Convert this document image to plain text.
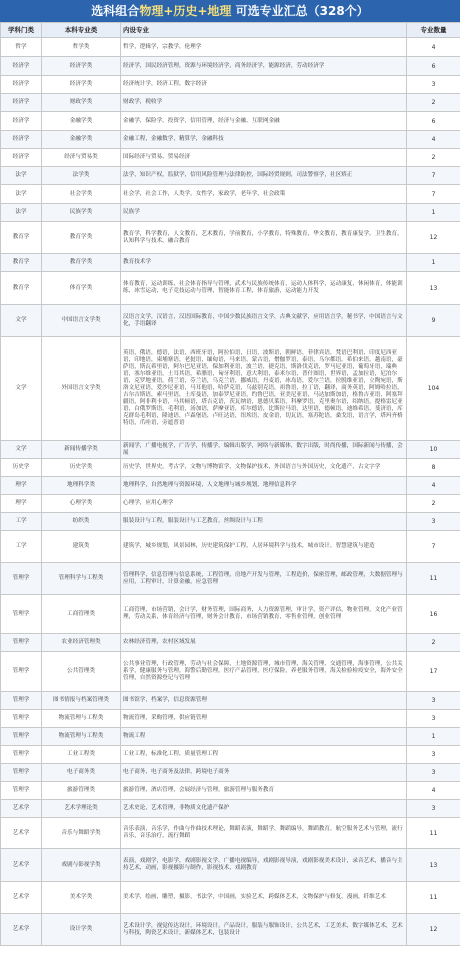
选科组合物理+历史+地理 可选专业汇总（328个）
学科门类	本科专业类	内设专业	专业数量
哲学	哲学类	哲学，逻辑学，宗教学，伦理学	4
经济学	经济学类	经济学，国民经济管理，资源与环境经济学，商务经济学，能源经济，劳动经济学	6
经济学	经济学类	经济统计学，经济工程，数字经济	3
经济学	财政学类	财政学，税收学	2
经济学	金融学类	金融学，保险学，投资学，信用管理，经济与金融，互联网金融	6
经济学	金融学类	金融工程，金融数学，精算学，金融科技	4
经济学	经济与贸易类	国际经济与贸易，贸易经济	2
法学	法学类	法学，知识产权，监狱学，信用风险管理与法律防控，国际经贸规则，司法警察学，社区矫正	7
法学	社会学类	社会学，社会工作，人类学，女性学，家政学，老年学，社会政策	7
法学	民族学类	民族学	1
教育学	教育学类	教育学，科学教育，人文教育，艺术教育，学前教育，小学教育，特殊教育，华文教育，教育康复学，卫生教育，认知科学与技术，融合教育	12
教育学	教育学类	教育技术学	1
教育学	体育学类	体育教育，运动训练，社会体育指导与管理，武术与民族传统体育，运动人体科学，运动康复，休闲体育，体能训练，冰雪运动，电子竞技运动与管理，智能体育工程，体育旅游，运动能力开发	13
文学	中国语言文学类	汉语言文学，汉语言，汉语国际教育，中国少数民族语言文学，古典文献学，应用语言学，秘书学，中国语言与文化，手语翻译	9
文学	外国语言文学类	英语，俄语，德语，法语，西班牙语，阿拉伯语，日语，波斯语，朝鲜语，菲律宾语，梵语巴利语，印度尼西亚语，印地语，柬埔寨语，老挝语，缅甸语，马来语，蒙古语，僧伽罗语，泰语，乌尔都语，希伯来语，越南语，豪萨语，斯瓦希里语，阿尔巴尼亚语，保加利亚语，波兰语，捷克语，斯洛伐克语，罗马尼亚语，葡萄牙语，瑞典语，塞尔维亚语，土耳其语，希腊语，匈牙利语，意大利语，泰米尔语，普什图语，世界语，孟加拉语，尼泊尔语，克罗地亚语，荷兰语，芬兰语，乌克兰语，挪威语，丹麦语，冰岛语，爱尔兰语，拉脱维亚语，立陶宛语，斯洛文尼亚语，爱沙尼亚语，马耳他语，哈萨克语，乌兹别克语，祖鲁语，拉丁语，翻译，商务英语，阿姆哈拉语，吉尔吉斯语，索马里语，土库曼语，加泰罗尼亚语，约鲁巴语，亚美尼亚语，马达加斯加语，格鲁吉亚语，阿塞拜疆语，阿非利卡语，马其顿语，塔吉克语，茨瓦纳语，恩德贝莱语，科摩罗语，克里奥尔语，绍纳语，提格雷尼亚语，白俄罗斯语，毛利语，汤加语，萨摩亚语，库尔德语，比斯拉马语，达里语，德顿语，迪维希语，斐济语，库克群岛毛利语，隆迪语，卢森堡语，卢旺达语，纽埃语，皮金语，切瓦语，塞苏陀语，桑戈语，语言学，塔玛齐格特语，爪哇语，旁遮普语	104
文学	新闻传播学类	新闻学，广播电视学，广告学，传播学，编辑出版学，网络与新媒体，数字出版，时尚传播，国际新闻与传播，会展	10
历史学	历史学类	历史学，世界史，考古学，文物与博物馆学，文物保护技术，外国语言与外国历史，文化遗产，古文字学	8
理学	地理科学类	地理科学，自然地理与资源环境，人文地理与城乡规划，地理信息科学	4
理学	心理学类	心理学，应用心理学	2
工学	纺织类	服装设计与工程，服装设计与工艺教育，丝绸设计与工程	3
工学	建筑类	建筑学，城乡规划，风景园林，历史建筑保护工程，人居环境科学与技术，城市设计，智慧建筑与建造	7
管理学	管理科学与工程类	管理科学，信息管理与信息系统，工程管理，房地产开发与管理，工程造价，保密管理，邮政管理，大数据管理与应用，工程审计，计算金融，应急管理	11
管理学	工商管理类	工商管理，市场营销，会计学，财务管理，国际商务，人力资源管理，审计学，资产评估，物业管理，文化产业管理，劳动关系，体育经济与管理，财务会计教育，市场营销教育，零售业管理，创业管理	16
管理学	农业经济管理类	农林经济管理，农村区域发展	2
管理学	公共管理类	公共事业管理，行政管理，劳动与社会保障，土地资源管理，城市管理，海关管理，交通管理，海事管理，公共关系学，健康服务与管理，海警后勤管理，医疗产品管理，医疗保险，养老服务管理，海关检验检疫安全，海外安全管理，自然资源登记与管理	17
管理学	图书情报与档案管理类	图书馆学，档案学，信息资源管理	3
管理学	物流管理与工程类	物流管理，采购管理，供应链管理	3
管理学	物流管理与工程类	物流工程	1
管理学	工业工程类	工业工程，标准化工程，质量管理工程	3
管理学	电子商务类	电子商务，电子商务及法律，跨境电子商务	3
管理学	旅游管理类	旅游管理，酒店管理，会展经济与管理，旅游管理与服务教育	4
艺术学	艺术学理论类	艺术史论，艺术管理，非物质文化遗产保护	3
艺术学	音乐与舞蹈学类	音乐表演，音乐学，作曲与作曲技术理论，舞蹈表演，舞蹈学，舞蹈编导，舞蹈教育，航空服务艺术与管理，流行音乐，音乐治疗，流行舞蹈	11
艺术学	戏剧与影视学类	表演，戏剧学，电影学，戏剧影视文学，广播电视编导，戏剧影视导演，戏剧影视美术设计，录音艺术，播音与主持艺术，动画，影视摄影与制作，影视技术，戏剧教育	13
艺术学	美术学类	美术学，绘画，雕塑，摄影，书法学，中国画，实验艺术，跨媒体艺术，文物保护与修复，漫画，纤维艺术	11
艺术学	设计学类	艺术设计学，视觉传达设计，环境设计，产品设计，服装与服饰设计，公共艺术，工艺美术，数字媒体艺术，艺术与科技，陶瓷艺术设计，新媒体艺术，包装设计	12
